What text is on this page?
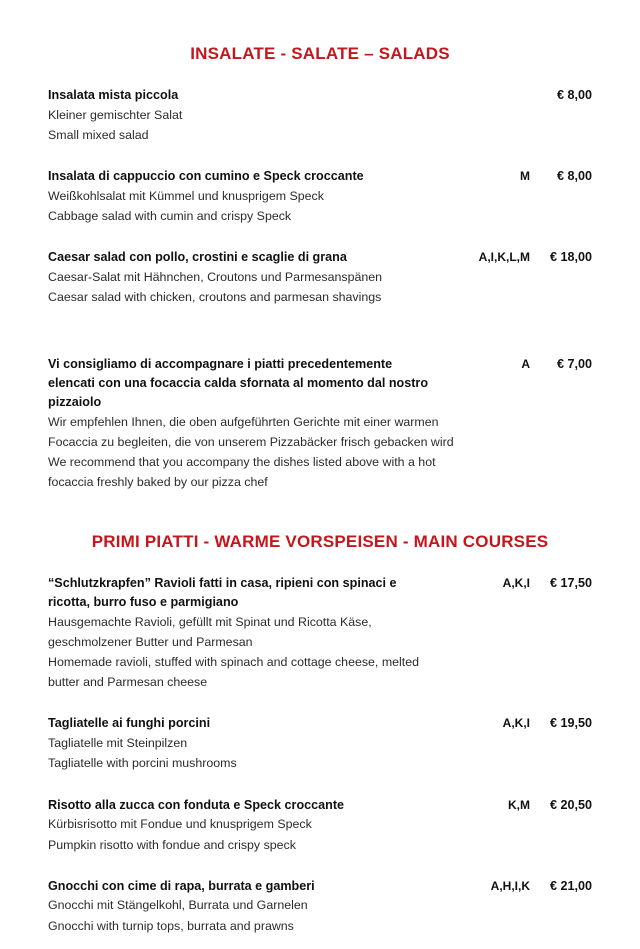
INSALATE - SALATE – SALADS
Insalata mista piccola	€ 8,00
Kleiner gemischter Salat
Small mixed salad
Insalata di cappuccio con cumino e Speck croccante	M	€ 8,00
Weißkohlsalat mit Kümmel und knusprigem Speck
Cabbage salad with cumin and crispy Speck
Caesar salad con pollo, crostini e scaglie di grana	A,I,K,L,M	€ 18,00
Caesar-Salat mit Hähnchen, Croutons und Parmesanspänen
Caesar salad with chicken, croutons and parmesan shavings
Vi consigliamo di accompagnare i piatti precedentemente elencati con una focaccia calda sfornata al momento dal nostro pizzaiolo
A	€ 7,00
Wir empfehlen Ihnen, die oben aufgeführten Gerichte mit einer warmen
Focaccia zu begleiten, die von unserem Pizzabäcker frisch gebacken wird
We recommend that you accompany the dishes listed above with a hot
focaccia freshly baked by our pizza chef
PRIMI PIATTI - WARME VORSPEISEN - MAIN COURSES
“Schlutzkrapfen” Ravioli fatti in casa, ripieni con spinaci e ricotta, burro fuso e parmigiano
A,K,I	€ 17,50
Hausgemachte Ravioli, gefüllt mit Spinat und Ricotta Käse,
geschmolzener Butter und Parmesan
Homemade ravioli, stuffed with spinach and cottage cheese, melted
butter and Parmesan cheese
Tagliatelle ai funghi porcini	A,K,I	€ 19,50
Tagliatelle mit Steinpilzen
Tagliatelle with porcini mushrooms
Risotto alla zucca con fonduta e Speck croccante	K,M	€ 20,50
Kürbisrisotto mit Fondue und knusprigem Speck
Pumpkin risotto with fondue and crispy speck
Gnocchi con cime di rapa, burrata e gamberi	A,H,I,K	€ 21,00
Gnocchi mit Stängelkohl, Burrata und Garnelen
Gnocchi with turnip tops, burrata and prawns
